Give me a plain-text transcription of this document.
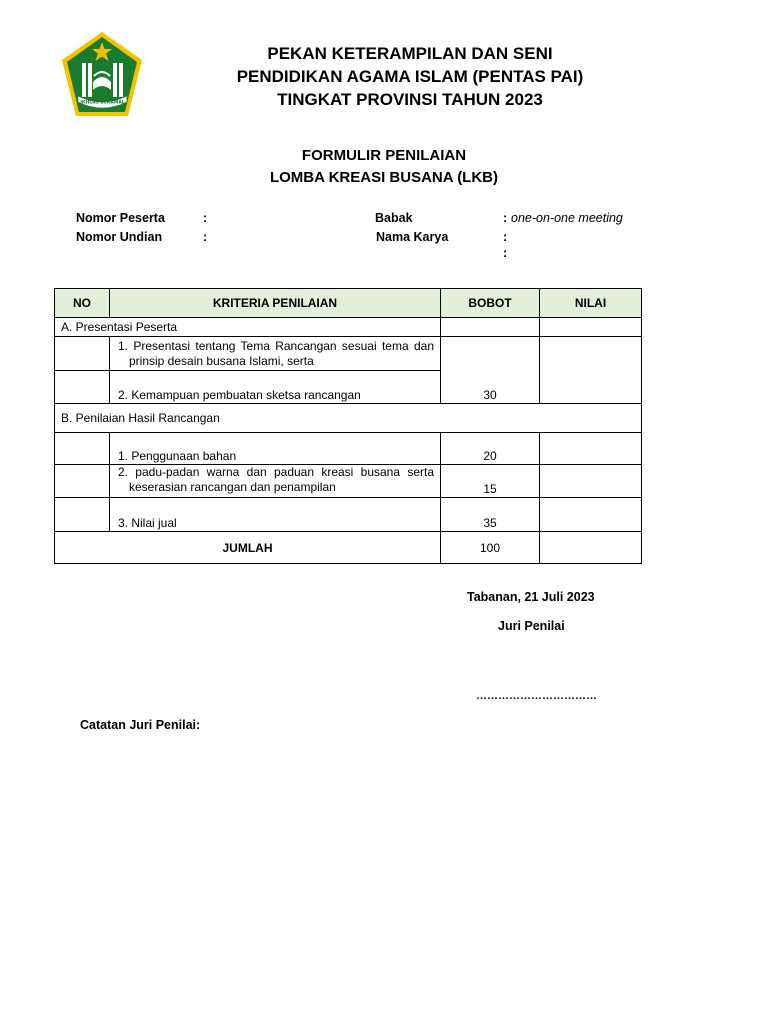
IKHLAS BERAMAL
PEKAN KETERAMPILAN DAN SENI
PENDIDIKAN AGAMA ISLAM (PENTAS PAI)
TINGKAT PROVINSI TAHUN 2023
FORMULIR PENILAIAN
LOMBA KREASI BUSANA (LKB)
Nomor Peserta	:
Nomor Undian	:
Babak	: one-on-one meeting
Nama Karya	:
:
NO	KRITERIA PENILAIAN	BOBOT	NILAI
A. Presentasi Peserta			

	1. Presentasi tentang Tema Rancangan sesuai tema dan prinsip desain busana Islami, serta	30	
	2. Kemampuan pembuatan sketsa rancangan		
B. Penilaian Hasil Rancangan			
	1. Penggunaan bahan	20	

	2. padu-padan warna dan paduan kreasi busana serta keserasian rancangan dan penampilan	15	
	3. Nilai jual	35	
JUMLAH		100	
Tabanan, 21 Juli 2023
Juri Penilai
……………………………
Catatan Juri Penilai:
